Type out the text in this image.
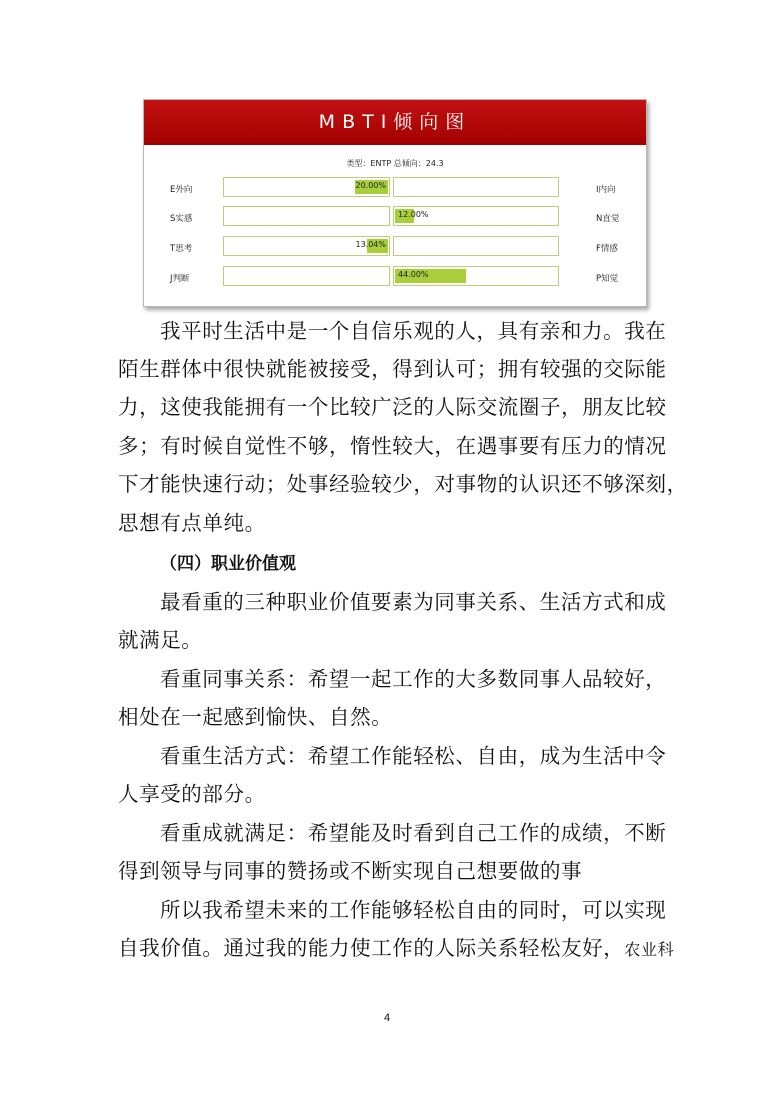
MBTI倾向图
类型：ENTP 总倾向：24.3
E外向	20.00%	I内向
S实感	12.00%	N直觉
T思考	13.04%	F情感
J判断	44.00%	P知觉
我平时生活中是一个自信乐观的人，具有亲和力。我在
陌生群体中很快就能被接受，得到认可；拥有较强的交际能
力，这使我能拥有一个比较广泛的人际交流圈子，朋友比较
多；有时候自觉性不够，惰性较大，在遇事要有压力的情况
下才能快速行动；处事经验较少，对事物的认识还不够深刻，
思想有点单纯。
（四）职业价值观
最看重的三种职业价值要素为同事关系、生活方式和成
就满足。
看重同事关系：希望一起工作的大多数同事人品较好，
相处在一起感到愉快、自然。
看重生活方式：希望工作能轻松、自由，成为生活中令
人享受的部分。
看重成就满足：希望能及时看到自己工作的成绩，不断
得到领导与同事的赞扬或不断实现自己想要做的事
所以我希望未来的工作能够轻松自由的同时，可以实现
自我价值。通过我的能力使工作的人际关系轻松友好，农业科
4
